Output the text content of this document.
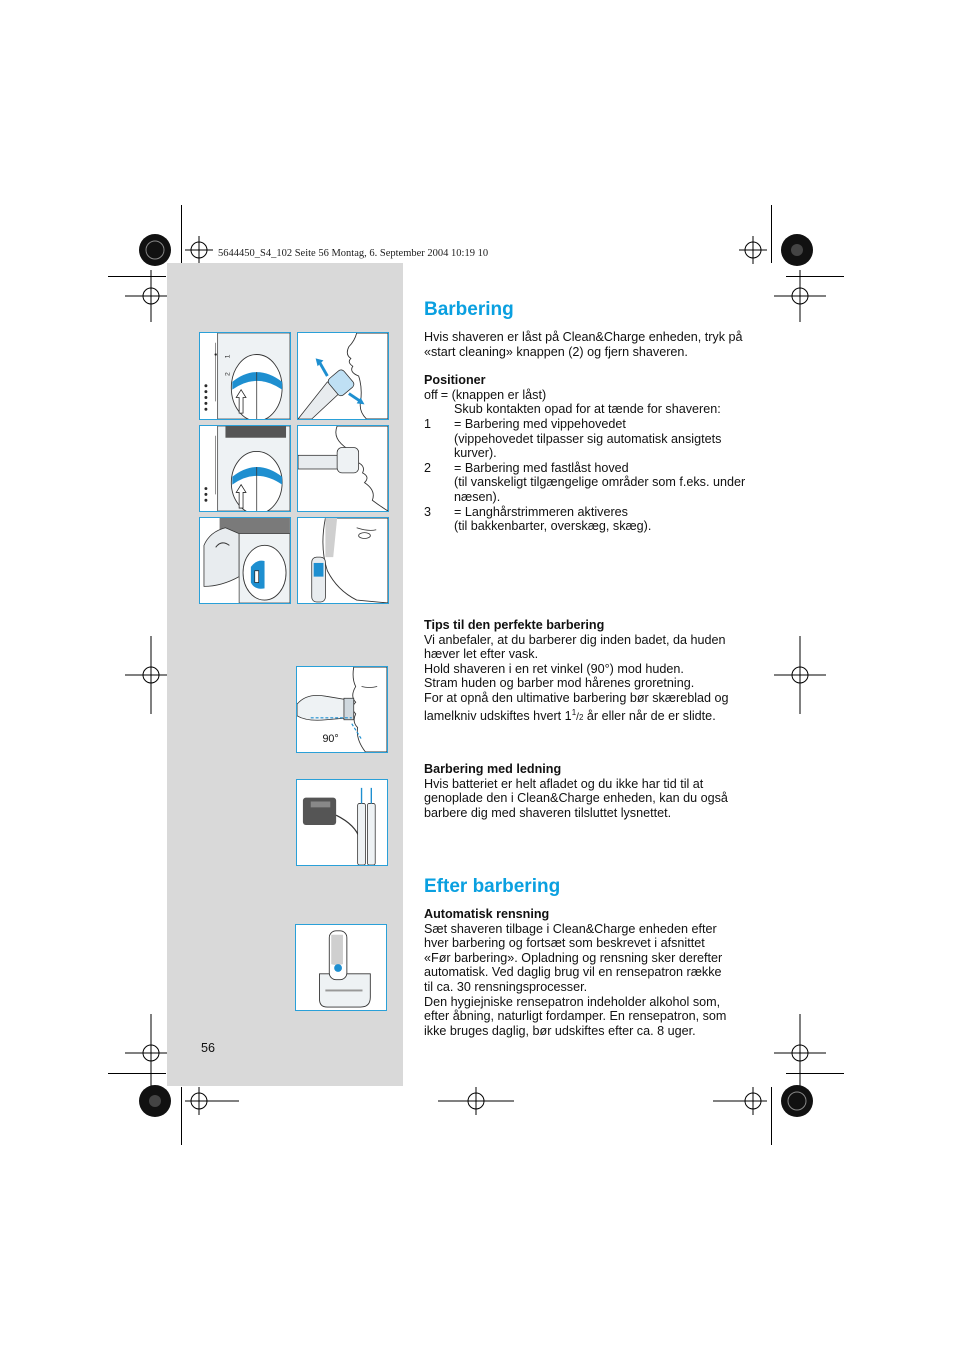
5644450_S4_102 Seite 56 Montag, 6. September 2004 10:19 10
1
2
90°
56
Barbering

Hvis shaveren er låst på Clean&Charge enheden, tryk på «start cleaning» knappen (2) og fjern shaveren.

Positioner

off = (knappen er låst)

Skub kontakten opad for at tænde for shaveren:

1	= Barbering med vippehovedet

(vippehovedet tilpasser sig automatisk ansigtets

kurver).

2	= Barbering med fastlåst hoved

(til vanskeligt tilgængelige områder som f.eks. under

næsen).

3	= Langhårstrimmeren aktiveres

(til bakkenbarter, overskæg, skæg).

Tips til den perfekte barbering

Vi anbefaler, at du barberer dig inden badet, da huden

hæver let efter vask.

Hold shaveren i en ret vinkel (90°) mod huden.

Stram huden og barber mod hårenes groretning.

For at opnå den ultimative barbering bør skæreblad og

lamelkniv udskiftes hvert $1^1/2$ år eller når de er slidte.

Barbering med ledning

Hvis batteriet er helt afladet og du ikke har tid til at

genoplade den i Clean&Charge enheden, kan du også

barbere dig med shaveren tilsluttet lysnettet.

Efter barbering

Automatisk rensning

Sæt shaveren tilbage i Clean&Charge enheden efter

hver barbering og fortsæt som beskrevet i afsnittet

«Før barbering». Opladning og rensning sker derefter

automatisk. Ved daglig brug vil en rensepatron række

til ca. 30 rensningsprocesser.

Den hygiejniske rensepatron indeholder alkohol som,

efter åbning, naturligt fordamper. En rensepatron, som

ikke bruges daglig, bør udskiftes efter ca. 8 uger.
